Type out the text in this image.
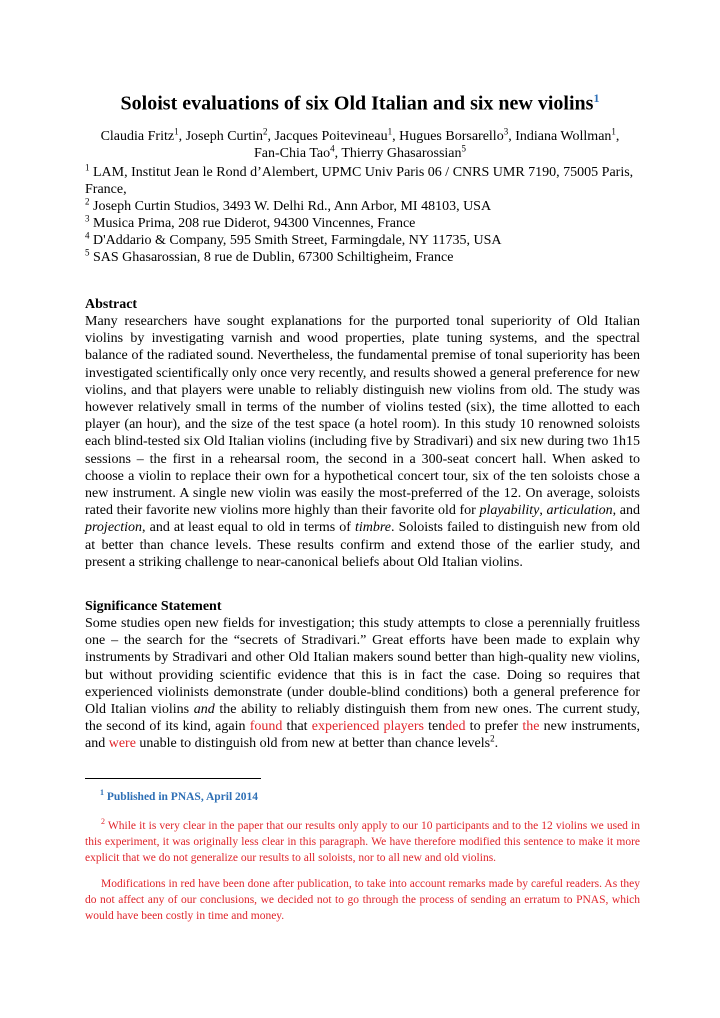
Soloist evaluations of six Old Italian and six new violins$^1$
Claudia Fritz$^1$, Joseph Curtin$^2$, Jacques Poitevineau$^1$, Hugues Borsarello$^3$, Indiana Wollman$^1$,
Fan-Chia Tao$^4$, Thierry Ghasarossian$^5$
$^1$ LAM, Institut Jean le Rond d’Alembert, UPMC Univ Paris 06 / CNRS UMR 7190, 75005 Paris, France,
$^2$ Joseph Curtin Studios, 3493 W. Delhi Rd., Ann Arbor, MI 48103, USA
$^3$ Musica Prima, 208 rue Diderot, 94300 Vincennes, France
$^4$ D'Addario & Company, 595 Smith Street, Farmingdale, NY 11735, USA
$^5$ SAS Ghasarossian, 8 rue de Dublin, 67300 Schiltigheim, France
Abstract
Many researchers have sought explanations for the purported tonal superiority of Old Italian violins by investigating varnish and wood properties, plate tuning systems, and the spectral balance of the radiated sound. Nevertheless, the fundamental premise of tonal superiority has been investigated scientifically only once very recently, and results showed a general preference for new violins, and that players were unable to reliably distinguish new violins from old. The study was however relatively small in terms of the number of violins tested (six), the time allotted to each player (an hour), and the size of the test space (a hotel room). In this study 10 renowned soloists each blind-tested six Old Italian violins (including five by Stradivari) and six new during two 1h15 sessions – the first in a rehearsal room, the second in a 300-seat concert hall. When asked to choose a violin to replace their own for a hypothetical concert tour, six of the ten soloists chose a new instrument. A single new violin was easily the most-preferred of the 12. On average, soloists rated their favorite new violins more highly than their favorite old for playability, articulation, and projection, and at least equal to old in terms of timbre. Soloists failed to distinguish new from old at better than chance levels. These results confirm and extend those of the earlier study, and present a striking challenge to near-canonical beliefs about Old Italian violins.
Significance Statement
Some studies open new fields for investigation; this study attempts to close a perennially fruitless one – the search for the “secrets of Stradivari.” Great efforts have been made to explain why instruments by Stradivari and other Old Italian makers sound better than high-quality new violins, but without providing scientific evidence that this is in fact the case. Doing so requires that experienced violinists demonstrate (under double-blind conditions) both a general preference for Old Italian violins and the ability to reliably distinguish them from new ones. The current study, the second of its kind, again found that experienced players tended to prefer the new instruments, and were unable to distinguish old from new at better than chance levels$^2$.
$^1$ Published in PNAS, April 2014
$^2$ While it is very clear in the paper that our results only apply to our 10 participants and to the 12 violins we used in this experiment, it was originally less clear in this paragraph. We have therefore modified this sentence to make it more explicit that we do not generalize our results to all soloists, nor to all new and old violins.
Modifications in red have been done after publication, to take into account remarks made by careful readers. As they do not affect any of our conclusions, we decided not to go through the process of sending an erratum to PNAS, which would have been costly in time and money.
